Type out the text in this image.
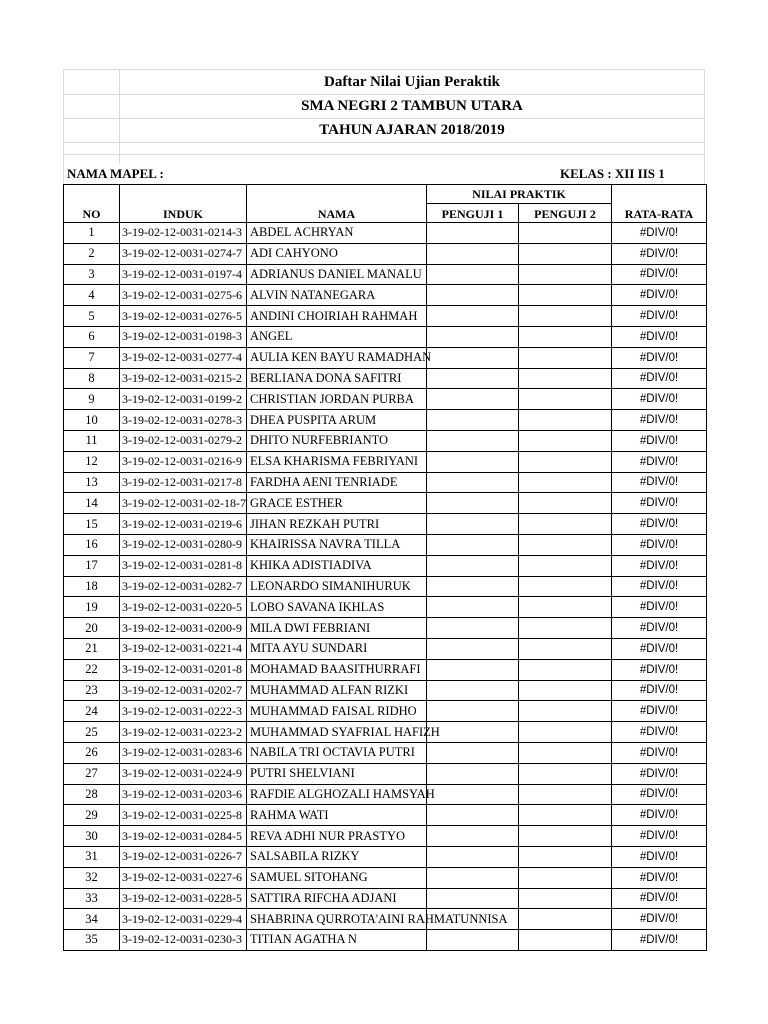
Daftar Nilai Ujian Peraktik
SMA NEGRI 2 TAMBUN UTARA
TAHUN AJARAN 2018/2019
NAMA MAPEL :	KELAS : XII IIS 1
NO	INDUK	NAMA	NILAI PRAKTIK		RATA-RATA
			PENGUJI 1	PENGUJI 2	
1	3-19-02-12-0031-0214-3	ABDEL ACHRYAN			#DIV/0!
2	3-19-02-12-0031-0274-7	ADI CAHYONO			#DIV/0!
3	3-19-02-12-0031-0197-4	ADRIANUS DANIEL MANALU			#DIV/0!
4	3-19-02-12-0031-0275-6	ALVIN NATANEGARA			#DIV/0!
5	3-19-02-12-0031-0276-5	ANDINI CHOIRIAH RAHMAH			#DIV/0!
6	3-19-02-12-0031-0198-3	ANGEL			#DIV/0!
7	3-19-02-12-0031-0277-4	AULIA KEN BAYU RAMADHAN			#DIV/0!
8	3-19-02-12-0031-0215-2	BERLIANA DONA SAFITRI			#DIV/0!
9	3-19-02-12-0031-0199-2	CHRISTIAN JORDAN PURBA			#DIV/0!
10	3-19-02-12-0031-0278-3	DHEA PUSPITA ARUM			#DIV/0!
11	3-19-02-12-0031-0279-2	DHITO NURFEBRIANTO			#DIV/0!
12	3-19-02-12-0031-0216-9	ELSA KHARISMA FEBRIYANI			#DIV/0!
13	3-19-02-12-0031-0217-8	FARDHA AENI TENRIADE			#DIV/0!
14	3-19-02-12-0031-02-18-7	GRACE ESTHER			#DIV/0!
15	3-19-02-12-0031-0219-6	JIHAN REZKAH PUTRI			#DIV/0!
16	3-19-02-12-0031-0280-9	KHAIRISSA NAVRA TILLA			#DIV/0!
17	3-19-02-12-0031-0281-8	KHIKA ADISTIADIVA			#DIV/0!
18	3-19-02-12-0031-0282-7	LEONARDO SIMANIHURUK			#DIV/0!
19	3-19-02-12-0031-0220-5	LOBO SAVANA IKHLAS			#DIV/0!
20	3-19-02-12-0031-0200-9	MILA DWI FEBRIANI			#DIV/0!
21	3-19-02-12-0031-0221-4	MITA AYU SUNDARI			#DIV/0!
22	3-19-02-12-0031-0201-8	MOHAMAD BAASITHURRAFI			#DIV/0!
23	3-19-02-12-0031-0202-7	MUHAMMAD ALFAN RIZKI			#DIV/0!
24	3-19-02-12-0031-0222-3	MUHAMMAD FAISAL RIDHO			#DIV/0!
25	3-19-02-12-0031-0223-2	MUHAMMAD SYAFRIAL HAFIZH			#DIV/0!
26	3-19-02-12-0031-0283-6	NABILA TRI OCTAVIA PUTRI			#DIV/0!
27	3-19-02-12-0031-0224-9	PUTRI SHELVIANI			#DIV/0!
28	3-19-02-12-0031-0203-6	RAFDIE ALGHOZALI HAMSYAH			#DIV/0!
29	3-19-02-12-0031-0225-8	RAHMA WATI			#DIV/0!
30	3-19-02-12-0031-0284-5	REVA ADHI NUR PRASTYO			#DIV/0!
31	3-19-02-12-0031-0226-7	SALSABILA RIZKY			#DIV/0!
32	3-19-02-12-0031-0227-6	SAMUEL SITOHANG			#DIV/0!
33	3-19-02-12-0031-0228-5	SATTIRA RIFCHA ADJANI			#DIV/0!
34	3-19-02-12-0031-0229-4	SHABRINA QURROTA'AINI RAHMATUNNISA			#DIV/0!
35	3-19-02-12-0031-0230-3	TITIAN AGATHA N			#DIV/0!
